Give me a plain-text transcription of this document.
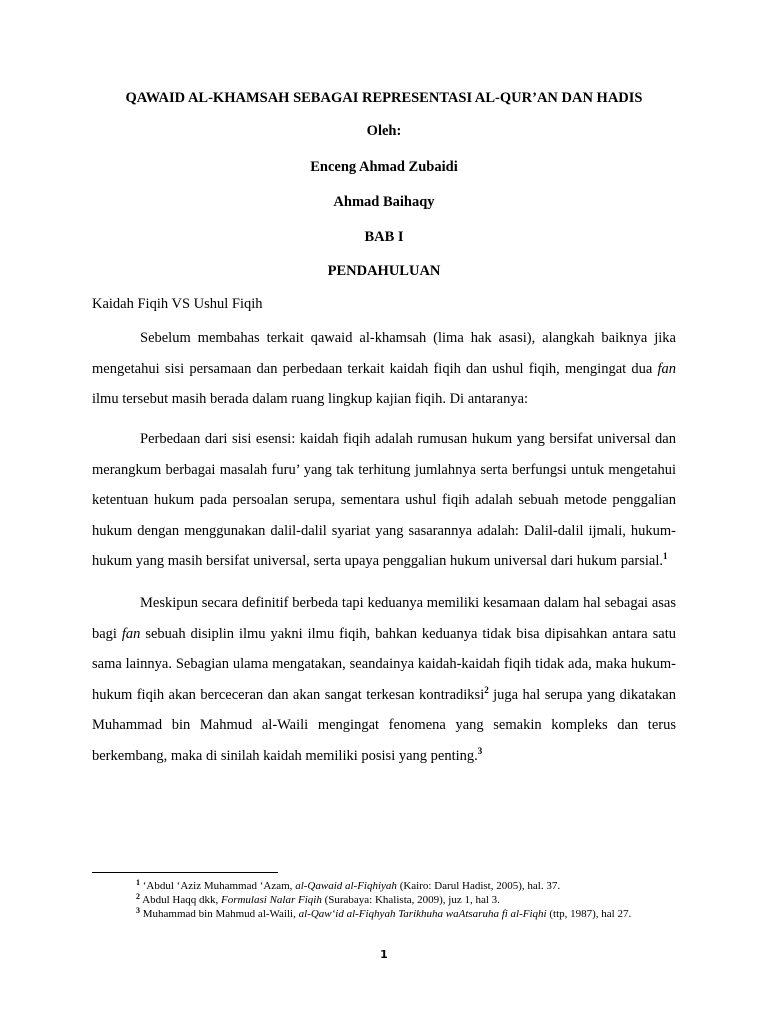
QAWAID AL-KHAMSAH SEBAGAI REPRESENTASI AL-QUR’AN DAN HADIS

Oleh:

Enceng Ahmad Zubaidi

Ahmad Baihaqy

BAB I

PENDAHULUAN

Kaidah Fiqih VS Ushul Fiqih

Sebelum membahas terkait qawaid al-khamsah (lima hak asasi), alangkah baiknya jika mengetahui sisi persamaan dan perbedaan terkait kaidah fiqih dan ushul fiqih, mengingat dua fan ilmu tersebut masih berada dalam ruang lingkup kajian fiqih. Di antaranya:

Perbedaan dari sisi esensi: kaidah fiqih adalah rumusan hukum yang bersifat universal dan merangkum berbagai masalah furu’ yang tak terhitung jumlahnya serta berfungsi untuk mengetahui ketentuan hukum pada persoalan serupa, sementara ushul fiqih adalah sebuah metode penggalian hukum dengan menggunakan dalil-dalil syariat yang sasarannya adalah: Dalil-dalil ijmali, hukum-hukum yang masih bersifat universal, serta upaya penggalian hukum universal dari hukum parsial.$^1$

Meskipun secara definitif berbeda tapi keduanya memiliki kesamaan dalam hal sebagai asas bagi fan sebuah disiplin ilmu yakni ilmu fiqih, bahkan keduanya tidak bisa dipisahkan antara satu sama lainnya. Sebagian ulama mengatakan, seandainya kaidah-kaidah fiqih tidak ada, maka hukum-hukum fiqih akan berceceran dan akan sangat terkesan kontradiksi$^2$ juga hal serupa yang dikatakan Muhammad bin Mahmud al-Waili mengingat fenomena yang semakin kompleks dan terus berkembang, maka di sinilah kaidah memiliki posisi yang penting.$^3$

$^1$ ‘Abdul ‘Aziz Muhammad ‘Azam, al-Qawaid al-Fiqhiyah (Kairo: Darul Hadist, 2005), hal. 37.

$^2$ Abdul Haqq dkk, Formulasi Nalar Fiqih (Surabaya: Khalista, 2009), juz 1, hal 3.

$^3$ Muhammad bin Mahmud al-Waili, al-Qaw‘id al-Fiqhyah Tarikhuha waAtsaruha fi al-Fiqhi (ttp, 1987), hal 27.

1
